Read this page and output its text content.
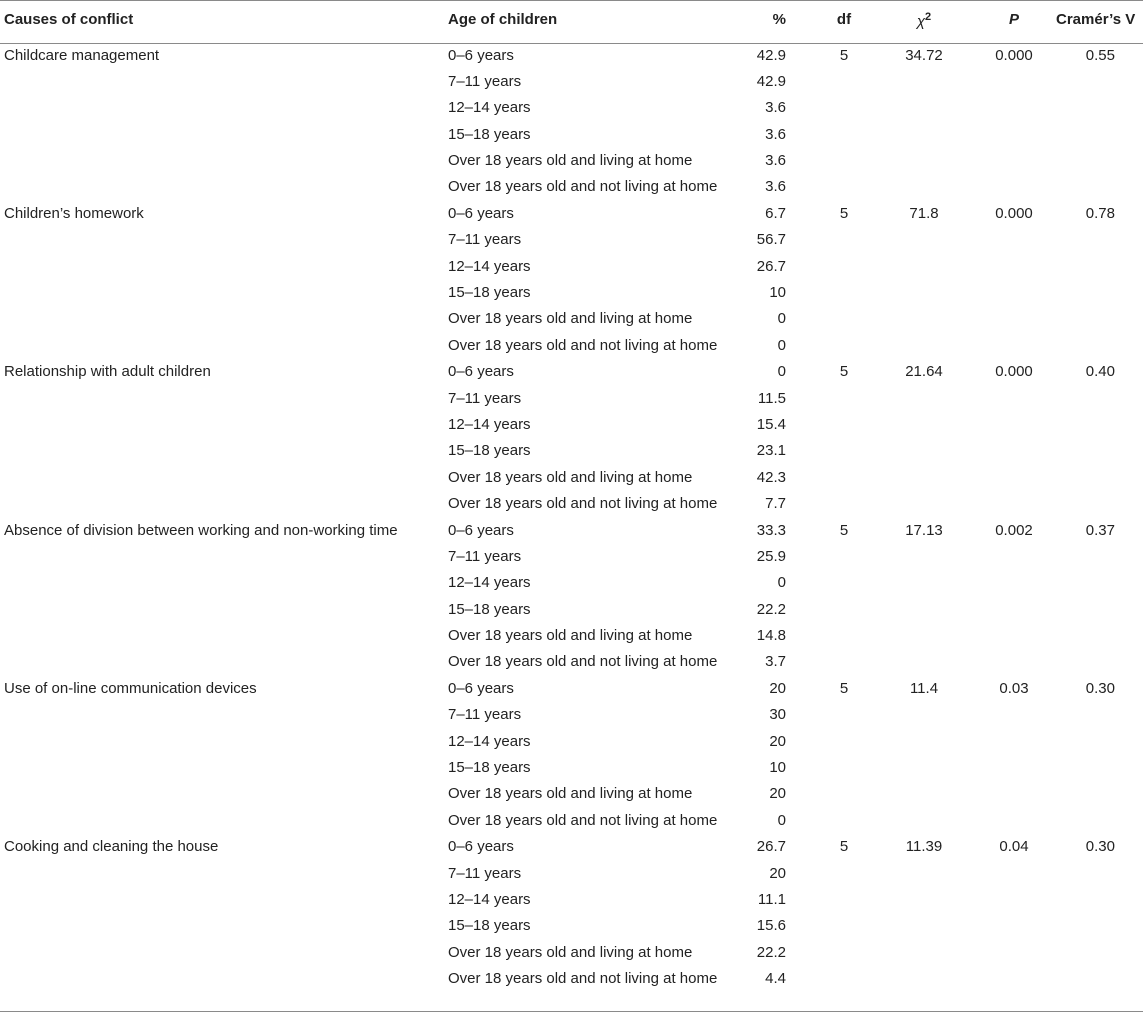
Causes of conflict	Age of children	%	df	$\chi^2$	P	Cramér’s V
Childcare management	0–6 years	42.9	5	34.72	0.000	0.55
	7–11 years	42.9				
	12–14 years	3.6				
	15–18 years	3.6				
	Over 18 years old and living at home	3.6				
	Over 18 years old and not living at home	3.6				
Children’s homework	0–6 years	6.7	5	71.8	0.000	0.78
	7–11 years	56.7				
	12–14 years	26.7				
	15–18 years	10				
	Over 18 years old and living at home	0				
	Over 18 years old and not living at home	0				
Relationship with adult children	0–6 years	0	5	21.64	0.000	0.40
	7–11 years	11.5				
	12–14 years	15.4				
	15–18 years	23.1				
	Over 18 years old and living at home	42.3				
	Over 18 years old and not living at home	7.7				
Absence of division between working and non-working time	0–6 years	33.3	5	17.13	0.002	0.37
	7–11 years	25.9				
	12–14 years	0				
	15–18 years	22.2				
	Over 18 years old and living at home	14.8				
	Over 18 years old and not living at home	3.7				
Use of on-line communication devices	0–6 years	20	5	11.4	0.03	0.30
	7–11 years	30				
	12–14 years	20				
	15–18 years	10				
	Over 18 years old and living at home	20				
	Over 18 years old and not living at home	0				
Cooking and cleaning the house	0–6 years	26.7	5	11.39	0.04	0.30
	7–11 years	20				
	12–14 years	11.1				
	15–18 years	15.6				
	Over 18 years old and living at home	22.2				
	Over 18 years old and not living at home	4.4				
